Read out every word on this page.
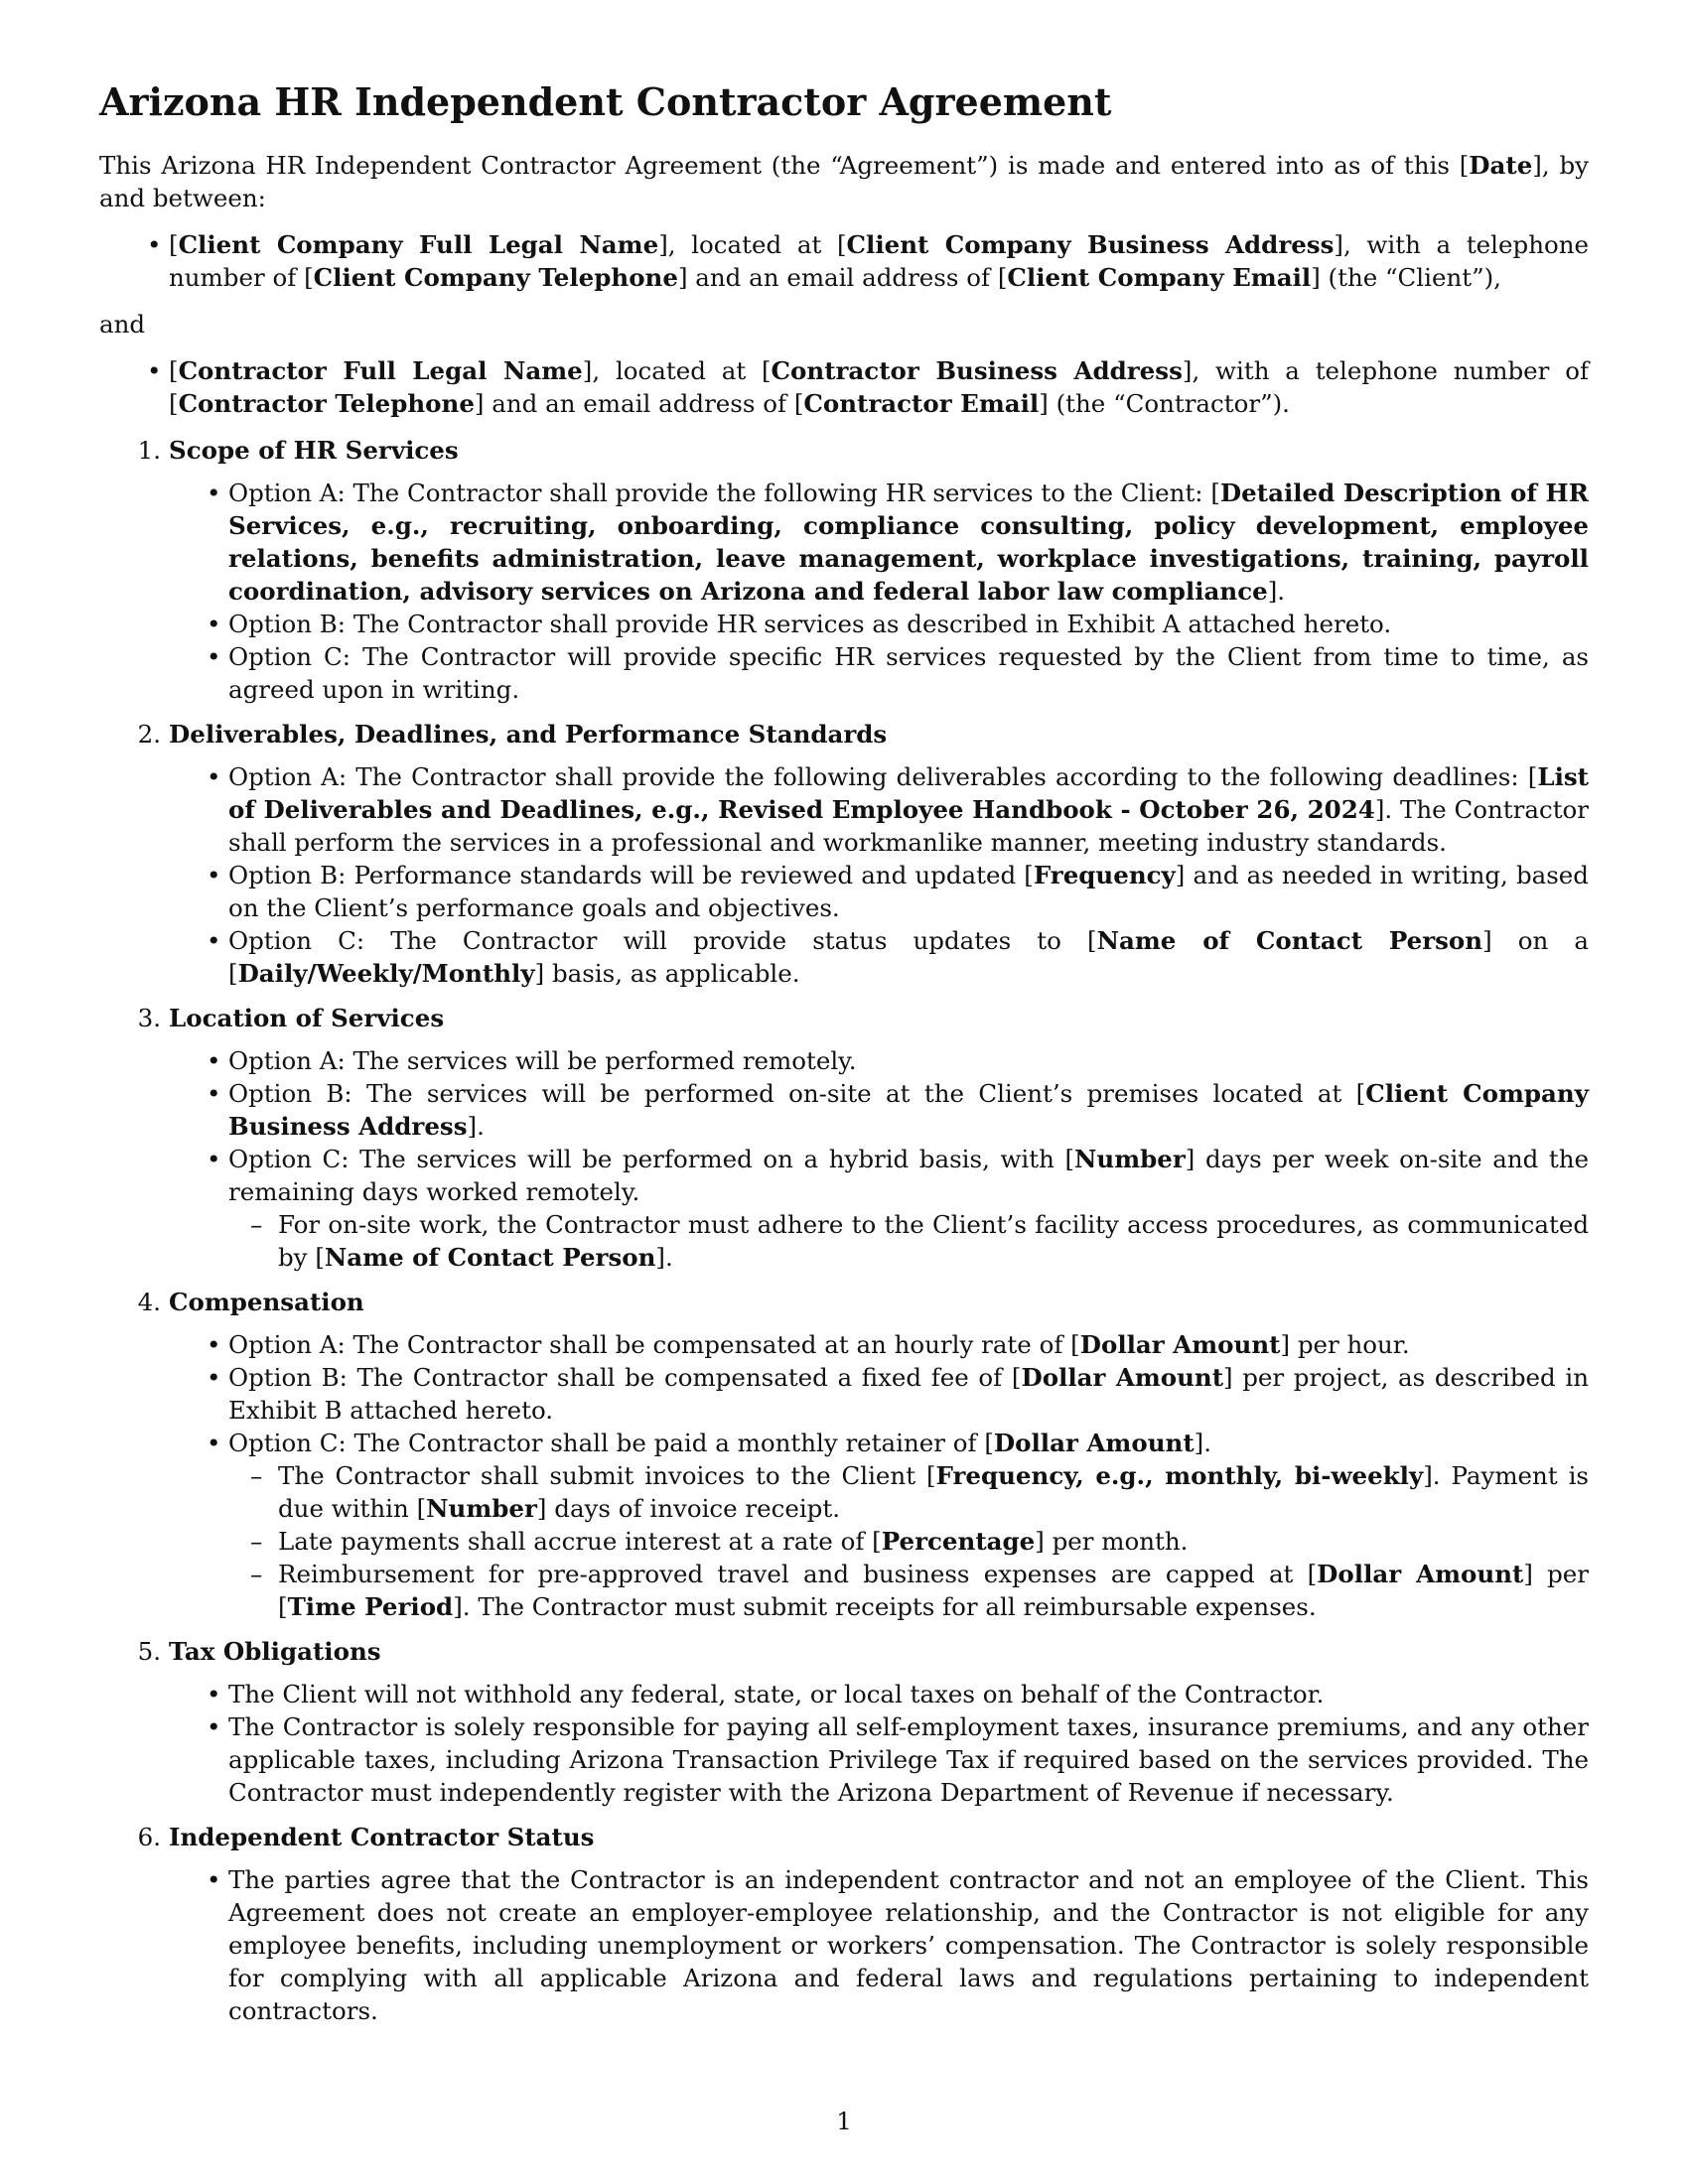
Arizona HR Independent Contractor Agreement

This Arizona HR Independent Contractor Agreement (the “Agreement”) is made and entered into as of this [Date], by and between:

• [Client Company Full Legal Name], located at [Client Company Business Address], with a telephone number of [Client Company Telephone] and an email address of [Client Company Email] (the “Client”),

and

• [Contractor Full Legal Name], located at [Contractor Business Address], with a telephone number of [Contractor Telephone] and an email address of [Contractor Email] (the “Contractor”).
1. Scope of HR Services
• Option A: The Contractor shall provide the following HR services to the Client: [Detailed Description of HR Services, e.g., recruiting, onboarding, compliance consulting, policy development, employee relations, benefits administration, leave management, workplace investigations, training, payroll coordination, advisory services on Arizona and federal labor law compliance].
• Option B: The Contractor shall provide HR services as described in Exhibit A attached hereto.
• Option C: The Contractor will provide specific HR services requested by the Client from time to time, as agreed upon in writing.
2. Deliverables, Deadlines, and Performance Standards
• Option A: The Contractor shall provide the following deliverables according to the following deadlines: [List of Deliverables and Deadlines, e.g., Revised Employee Handbook - October 26, 2024]. The Contractor shall perform the services in a professional and workmanlike manner, meeting industry standards.
• Option B: Performance standards will be reviewed and updated [Frequency] and as needed in writing, based on the Client’s performance goals and objectives.
• Option C: The Contractor will provide status updates to [Name of Contact Person] on a [Daily/Weekly/Monthly] basis, as applicable.
3. Location of Services
• Option A: The services will be performed remotely.
• Option B: The services will be performed on-site at the Client’s premises located at [Client Company Business Address].
• Option C: The services will be performed on a hybrid basis, with [Number] days per week on-site and the remaining days worked remotely.
– For on-site work, the Contractor must adhere to the Client’s facility access procedures, as communicated by [Name of Contact Person].
4. Compensation
• Option A: The Contractor shall be compensated at an hourly rate of [Dollar Amount] per hour.
• Option B: The Contractor shall be compensated a fixed fee of [Dollar Amount] per project, as described in Exhibit B attached hereto.
• Option C: The Contractor shall be paid a monthly retainer of [Dollar Amount].
– The Contractor shall submit invoices to the Client [Frequency, e.g., monthly, bi-weekly]. Payment is due within [Number] days of invoice receipt.
– Late payments shall accrue interest at a rate of [Percentage] per month.
– Reimbursement for pre-approved travel and business expenses are capped at [Dollar Amount] per [Time Period]. The Contractor must submit receipts for all reimbursable expenses.
5. Tax Obligations
• The Client will not withhold any federal, state, or local taxes on behalf of the Contractor.
• The Contractor is solely responsible for paying all self-employment taxes, insurance premiums, and any other applicable taxes, including Arizona Transaction Privilege Tax if required based on the services provided. The Contractor must independently register with the Arizona Department of Revenue if necessary.
6. Independent Contractor Status
• The parties agree that the Contractor is an independent contractor and not an employee of the Client. This Agreement does not create an employer-employee relationship, and the Contractor is not eligible for any employee benefits, including unemployment or workers’ compensation. The Contractor is solely responsible for complying with all applicable Arizona and federal laws and regulations pertaining to independent contractors.
1
